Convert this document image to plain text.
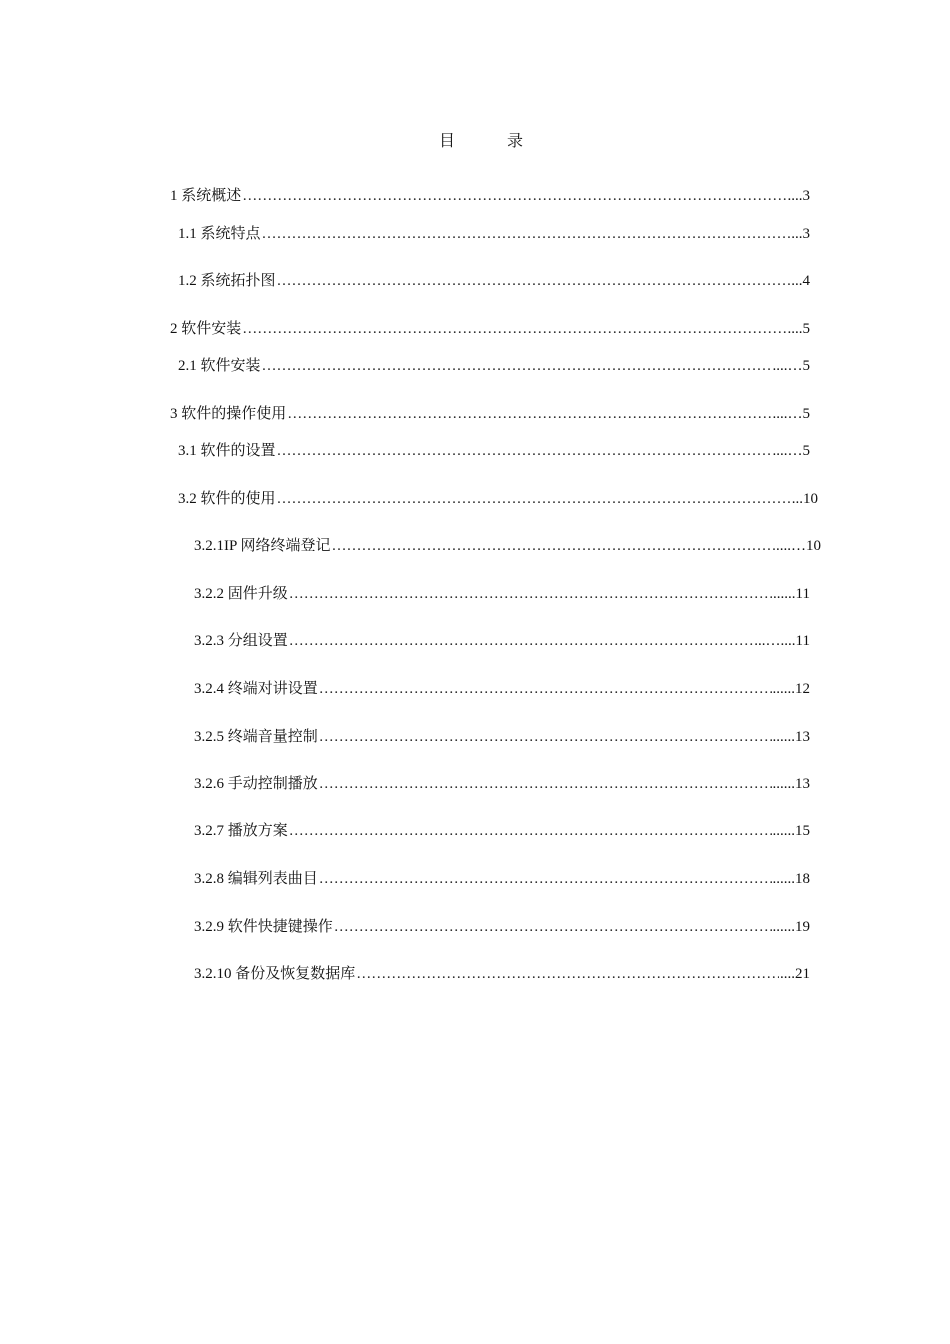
目　录
1 系统概述 …………………………………………………………………………………………………………………………………………………………………………………………………………………………………………	....3
1.1 系统特点 …………………………………………………………………………………………………………………………………………………………………………………………………………………………………………	...3
1.2 系统拓扑图 …………………………………………………………………………………………………………………………………………………………………………………………………………………………………………	...4
2 软件安装 …………………………………………………………………………………………………………………………………………………………………………………………………………………………………………	....5
2.1 软件安装 …………………………………………………………………………………………………………………………………………………………………………………………………………………………………………	....…5
3 软件的操作使用 …………………………………………………………………………………………………………………………………………………………………………………………………………………………………………	....…5
3.1 软件的设置 …………………………………………………………………………………………………………………………………………………………………………………………………………………………………………	....…5
3.2 软件的使用 …………………………………………………………………………………………………………………………………………………………………………………………………………………………………………	...10
3.2.1IP 网络终端登记 …………………………………………………………………………………………………………………………………………………………………………………………………………………………………………	....…10
3.2.2 固件升级 …………………………………………………………………………………………………………………………………………………………………………………………………………………………………………	......11
3.2.3 分组设置 …………………………………………………………………………………………………………………………………………………………………………………………………………………………………………	...…....11
3.2.4 终端对讲设置 …………………………………………………………………………………………………………………………………………………………………………………………………………………………………………	......12
3.2.5 终端音量控制 …………………………………………………………………………………………………………………………………………………………………………………………………………………………………………	......13
3.2.6 手动控制播放 …………………………………………………………………………………………………………………………………………………………………………………………………………………………………………	......13
3.2.7 播放方案 …………………………………………………………………………………………………………………………………………………………………………………………………………………………………………	......15
3.2.8 编辑列表曲目 …………………………………………………………………………………………………………………………………………………………………………………………………………………………………………	......18
3.2.9 软件快捷键操作 …………………………………………………………………………………………………………………………………………………………………………………………………………………………………………	......19
3.2.10 备份及恢复数据库 …………………………………………………………………………………………………………………………………………………………………………………………………………………………………………	....21
